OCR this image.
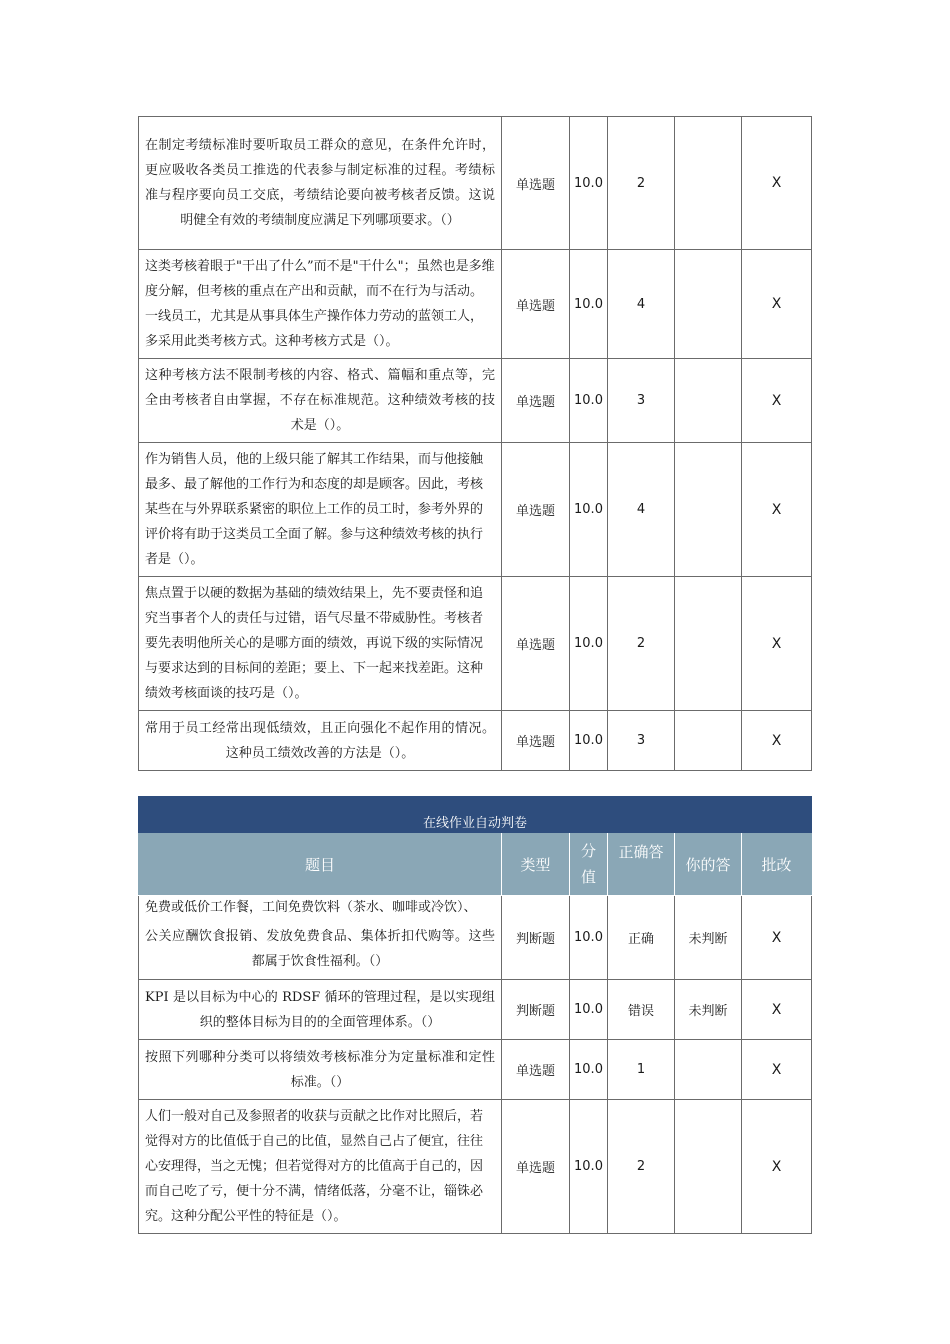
在制定考绩标准时要听取员工群众的意见，在条件允许时，更应吸收各类员工推选的代表参与制定标准的过程。考绩标准与程序要向员工交底，考绩结论要向被考核者反馈。这说明健全有效的考绩制度应满足下列哪项要求。（）	单选题	10.0	2		X
这类考核着眼于"干出了什么”而不是"干什么"；虽然也是多维度分解，但考核的重点在产出和贡献，而不在行为与活动。一线员工，尤其是从事具体生产操作体力劳动的蓝领工人，多采用此类考核方式。这种考核方式是（）。	单选题	10.0	4		X
这种考核方法不限制考核的内容、格式、篇幅和重点等，完全由考核者自由掌握，不存在标准规范。这种绩效考核的技术是（）。	单选题	10.0	3		X
作为销售人员，他的上级只能了解其工作结果，而与他接触最多、最了解他的工作行为和态度的却是顾客。因此，考核某些在与外界联系紧密的职位上工作的员工时，参考外界的评价将有助于这类员工全面了解。参与这种绩效考核的执行者是（）。	单选题	10.0	4		X
焦点置于以硬的数据为基础的绩效结果上，先不要责怪和追究当事者个人的责任与过错，语气尽量不带威胁性。考核者要先表明他所关心的是哪方面的绩效，再说下级的实际情况与要求达到的目标间的差距；要上、下一起来找差距。这种绩效考核面谈的技巧是（）。	单选题	10.0	2		X
常用于员工经常出现低绩效，且正向强化不起作用的情况。这种员工绩效改善的方法是（）。	单选题	10.0	3		X
在线作业自动判卷					
题目	类型	分值	正确答	你的答	批改

免费或低价工作餐，工间免费饮料（茶水、咖啡或冷饮）、
公关应酬饮食报销、发放免费食品、集体折扣代购等。这些都属于饮食性福利。（）	判断题	10.0	正确	未判断	X

KPI 是以目标为中心的 RDSF 循环的管理过程，是以实现组织的整体目标为目的的全面管理体系。（）	判断题	10.0	错误	未判断	X

按照下列哪种分类可以将绩效考核标准分为定量标准和定性标准。（）	单选题	10.0	1		X

人们一般对自己及参照者的收获与贡献之比作对比照后，若觉得对方的比值低于自己的比值，显然自己占了便宜，往往心安理得，当之无愧；但若觉得对方的比值高于自己的，因而自己吃了亏，便十分不满，情绪低落，分毫不让，锱铢必究。这种分配公平性的特征是（）。	单选题	10.0	2		X
